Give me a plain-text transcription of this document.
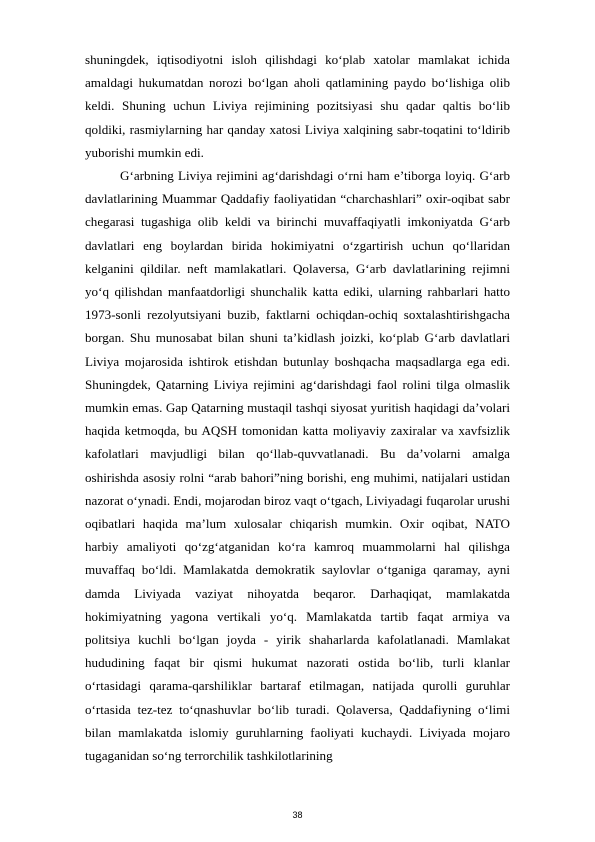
shuningdek, iqtisodiyotni isloh qilishdagi koʻplab xatolar mamlakat ichida amaldagi hukumatdan norozi boʻlgan aholi qatlamining paydo boʻlishiga olib keldi. Shuning uchun Liviya rejimining pozitsiyasi shu qadar qaltis boʻlib qoldiki, rasmiylarning har qanday xatosi Liviya xalqining sabr-toqatini toʻldirib yuborishi mumkin edi.

Gʻarbning Liviya rejimini agʻdarishdagi oʻrni ham e’tiborga loyiq. Gʻarb davlatlarining Muammar Qaddafiy faoliyatidan “charchashlari” oxir-oqibat sabr chegarasi tugashiga olib keldi va birinchi muvaffaqiyatli imkoniyatda Gʻarb davlatlari eng boylardan birida hokimiyatni oʻzgartirish uchun qoʻllaridan kelganini qildilar. neft mamlakatlari. Qolaversa, Gʻarb davlatlarining rejimni yoʻq qilishdan manfaatdorligi shunchalik katta ediki, ularning rahbarlari hatto 1973-sonli rezolyutsiyani buzib, faktlarni ochiqdan-ochiq soxtalashtirishgacha borgan. Shu munosabat bilan shuni ta’kidlash joizki, koʻplab Gʻarb davlatlari Liviya mojarosida ishtirok etishdan butunlay boshqacha maqsadlarga ega edi. Shuningdek, Qatarning Liviya rejimini agʻdarishdagi faol rolini tilga olmaslik mumkin emas. Gap Qatarning mustaqil tashqi siyosat yuritish haqidagi da’volari haqida ketmoqda, bu AQSH tomonidan katta moliyaviy zaxiralar va xavfsizlik kafolatlari mavjudligi bilan qoʻllab-quvvatlanadi. Bu da’volarni amalga oshirishda asosiy rolni “arab bahori”ning borishi, eng muhimi, natijalari ustidan nazorat oʻynadi. Endi, mojarodan biroz vaqt oʻtgach, Liviyadagi fuqarolar urushi oqibatlari haqida ma’lum xulosalar chiqarish mumkin. Oxir oqibat, NATO harbiy amaliyoti qoʻzgʻatganidan koʻra kamroq muammolarni hal qilishga muvaffaq boʻldi. Mamlakatda demokratik saylovlar oʻtganiga qaramay, ayni damda Liviyada vaziyat nihoyatda beqaror. Darhaqiqat, mamlakatda hokimiyatning yagona vertikali yoʻq. Mamlakatda tartib faqat armiya va politsiya kuchli boʻlgan joyda - yirik shaharlarda kafolatlanadi. Mamlakat hududining faqat bir qismi hukumat nazorati ostida boʻlib, turli klanlar oʻrtasidagi qarama-qarshiliklar bartaraf etilmagan, natijada qurolli guruhlar oʻrtasida tez-tez toʻqnashuvlar boʻlib turadi. Qolaversa, Qaddafiyning oʻlimi bilan mamlakatda islomiy guruhlarning faoliyati kuchaydi. Liviyada mojaro tugaganidan soʻng terrorchilik tashkilotlarining

38
